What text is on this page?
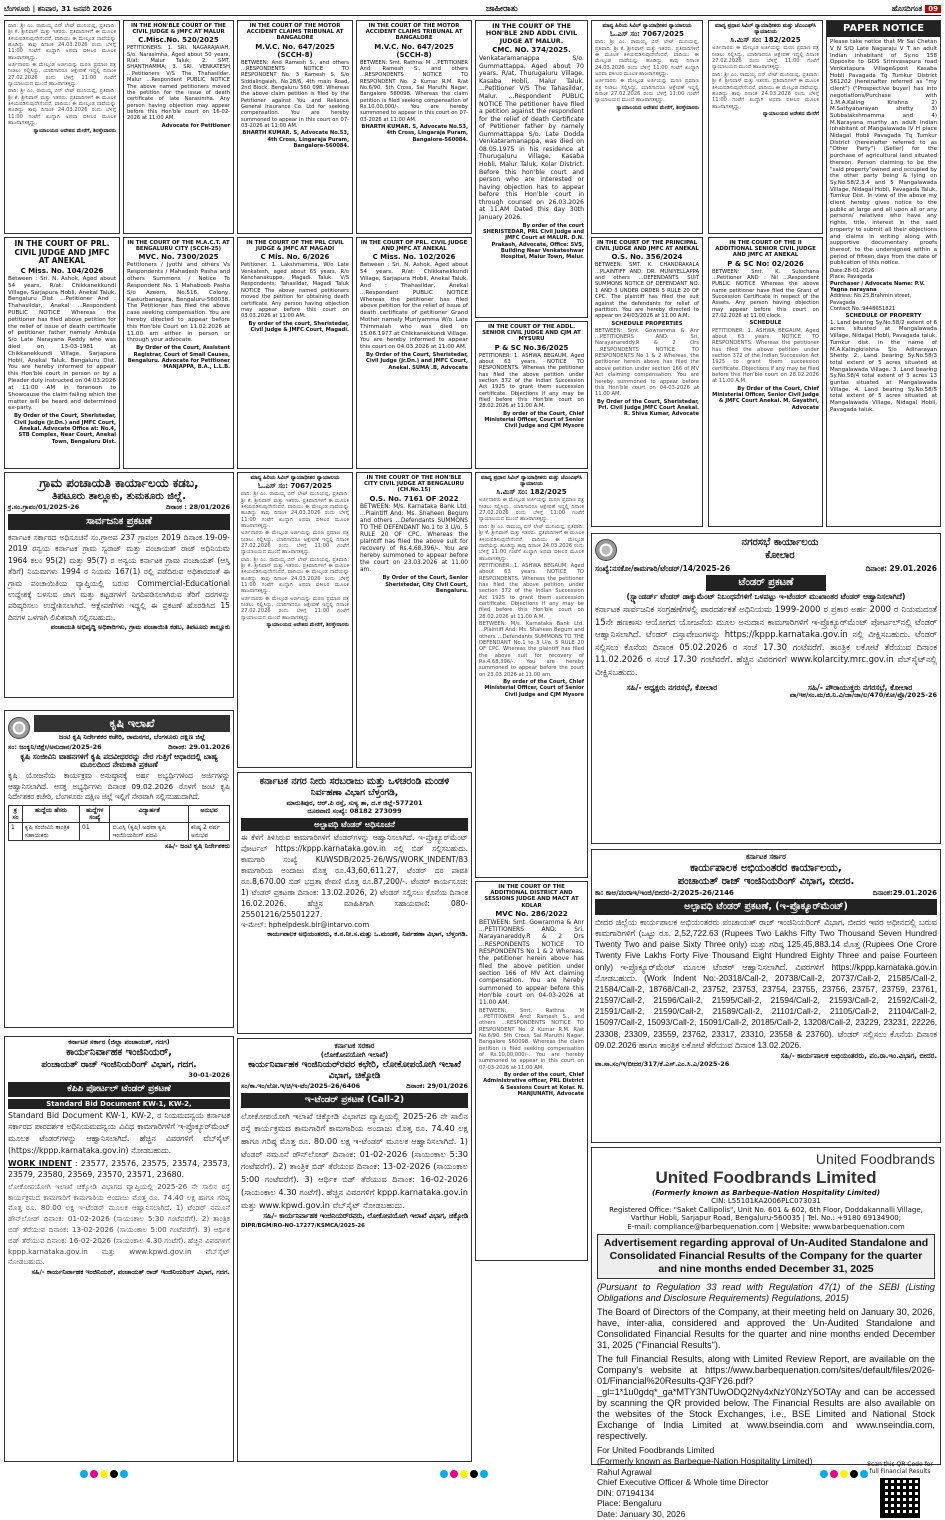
ಬೆಂಗಳೂರು | ಶನಿವಾರ, 31 ಜನವರಿ 2026	ಜಾಹೀರಾತು	ಹೊಸದಿಗಂತ 09
ವಾದಿ: ಶ್ರೀ ಎಂ. ರಾಮಯ್ಯ ಬಿನ್ ಲೇಟ್ ಮುನಿಯಪ್ಪ, ಪ್ರತಿವಾದಿ: ಶ್ರೀ ಕೆ. ಶ್ರೀನಿವಾಸ್ ಮತ್ತು ಇತರರು. ಪ್ರತಿವಾದಿಗಳಿಗೆ ಈ ಮೂಲಕ ತಿಳಿಯಪಡಿಸುವುದೇನೆಂದರೆ, ವಾದಿಯು ಈ ಮೇಲ್ಕಂಡ ದಾವೆಯನ್ನು ಹೂಡಿದ್ದು ತಾವು ದಿನಾಂಕ 24.03.2026 ರಂದು ಬೆಳಿಗ್ಗೆ 11:00 ಗಂಟೆಗೆ ಖುದ್ದಾಗಿ ಅಥವಾ ವಕೀಲರ ಮೂಲಕ ಹಾಜರಾಗತಕ್ಕದ್ದು.
ಅರ್ಜಿದಾರರು ಈ ಮೇಲ್ಕಂಡ ಅರ್ಜಿಯನ್ನು ಮರಣ ಪ್ರಮಾಣ ಪತ್ರ ನೀಡಲು ಸಲ್ಲಿಸಿದ್ದು, ಯಾರಿಗಾದರೂ ಆಕ್ಷೇಪಣೆ ಇದ್ದಲ್ಲಿ ದಿನಾಂಕ 27.02.2026 ರಂದು ಬೆಳಿಗ್ಗೆ 11:00 ಗಂಟೆಗೆ ನ್ಯಾಯಾಲಯದ ಮುಂದೆ ಹಾಜರಾಗತಕ್ಕದ್ದು.
ವಾದಿ: ಶ್ರೀ ಎಂ. ರಾಮಯ್ಯ ಬಿನ್ ಲೇಟ್ ಮುನಿಯಪ್ಪ, ಪ್ರತಿವಾದಿ: ಶ್ರೀ ಕೆ. ಶ್ರೀನಿವಾಸ್ ಮತ್ತು ಇತರರು. ಪ್ರತಿವಾದಿಗಳಿಗೆ ಈ ಮೂಲಕ ತಿಳಿಯಪಡಿಸುವುದೇನೆಂದರೆ, ವಾದಿಯು ಈ ಮೇಲ್ಕಂಡ ದಾವೆಯನ್ನು ಹೂಡಿದ್ದು ತಾವು ದಿನಾಂಕ 24.03.2026 ರಂದು ಬೆಳಿಗ್ಗೆ 11:00 ಗಂಟೆಗೆ ಖುದ್ದಾಗಿ ಅಥವಾ ವಕೀಲರ ಮೂಲಕ ಹಾಜರಾಗತಕ್ಕದ್ದು.
ನ್ಯಾಯಾಲಯದ ಆದೇಶದ ಮೇರೆಗೆ, ಶಿರಸ್ತೇದಾರರು
IN THE COURT OF PRL. CIVIL JUDGE AND JMFC AT ANEKAL
C Miss. No. 104/2026
Between : Sri. N. Ashok, Aged about 54 years, R/at: Chikkanekkundi Village, Sarjapura Hobli, Anekal Taluk, Bengaluru Dist. ...Petitioner And : Thahasildar, Anekal ...Respondent PUBLIC NOTICE Whereas the petitioner has filed above petition for the relief of issue of death certificate of petitioner father namely Ambuja S/o Late Narayana Reddy who was died on 13-03-1981 at Chikkanekkundi Village, Sarjapura Hobli, Anekal Taluk, Bengaluru Dist. You are hereby informed to appear this Hon'ble court in person or by a Pleader duly instructed on 04.03.2026 at 11:00 AM in forenoon to Showcause the claim failing which the matter will be heard and determined ex-party.
By Order of the Court, Sheristedar, Civil Judge (Jr.Dn.) and JMFC Court, Anekal. Advocate Office at: No.4, STB Complex, Near Court, Anekal Town, Bengaluru Dist.
IN THE HON'BLE COURT OF THE CIVIL JUDGE & JMFC AT MALUR
C.Misc.No. 520/2025
PETITIONERS: 1. SRI. NAGARAJAIAH, S/o. Narasimha, Aged about 50 years, R/at: Malur Taluk; 2. SMT. SHANTHAMMA; 3. SRI. VENKATESH ...Petitioners V/S The Thahasildar, Malur ...Respondent PUBLIC NOTICE The above named petitioners moved the petition for the issue of death certificate of late Narasimha. Any person having objection may appear before this Hon'ble court on 16-02-2026 at 11:00 AM.
Advocate for Petitioner
IN THE COURT OF THE M.A.C.T. AT BENGALURU CITY (SCCH-25)
MVC. No. 7300/2025
Petitioners / Jyothi and others Vs Respondents / Mahadesh Pasha and others Summons / Notice To Respondent No. 1 Mahaboob Pasha S/o Azeem, No.516, Colony, Kasturbanagara, Bengaluru-560038. The Petitioner has filed the above case seeking compensation. You are hereby directed to appear before this Hon'ble Court on 11.02.2026 at 11.00 am either in person or through your advocate.
By Order of the Court, Assistant Registrar, Court of Small Causes, Bengaluru. Advocate for Petitioner MANJAPPA, B.A., L.L.B.
IN THE COURT OF THE MOTOR ACCIDENT CLAIMS TRIBUNAL AT BANGALORE
M.V.C. No. 647/2025 (SCCH-8)
BETWEEN: And Ramesh S., and others ...RESPONDENTS NOTICE TO RESPONDENT No. 3 Ramesh S, S/o Siddalingaiah, No.28/6, 4th main Road, 2nd Block, Bengaluru 560 098. Whereas the above claim petition is filed by the Petitioner against You and Reliance General Insurance Co. Ltd for seeking compensation. You are hereby summoned to appear in this court on 07-03-2026 at 11:00 AM.
BHARTH KUMAR. S, Advocate No.53, 4th Cross, Lingaraja Puram, Bangalore-560084.
IN THE COURT OF THE PRL CIVIL JUDGE & JMFC AT MAGADI
C Mis. No. 6/2026
Petitioner: 1. Lakshmamma, W/o Late Venkatesh, aged about 65 years, R/o Kenchanakuppe, Magadi Taluk. V/S Respondents: Tahasildar, Magadi Taluk NOTICE The above named petitioners moved the petition for obtaining death certificate. Any person having objection may appear before this court on 03.03.2026 at 11:00 AM.
By order of the court, Sheristedar, Civil Judge & JMFC Court, Magadi.
IN THE COURT OF THE MOTOR ACCIDENT CLAIMS TRIBUNAL AT BANGALORE
M.V.C. No. 647/2025 (SCCH-8)
BETWEEN: Smt. Rathna. M ...PETITIONER And: Ramesh S., and others ...RESPONDENTS NOTICE TO RESPONDENT No. 2 Kumar R.M. R/at No.6/90, 5th Cross, Sai Maruthi Nagar, Bangalore 560098. Whereas the claim petition is filed seeking compensation of Rs.10,00,000/-. You are hereby summoned to appear in this court on 07-03-2026 at 11:00 AM.
BHARTH KUMAR. S, Advocate No.53, 4th Cross, Lingaraja Puram, Bangalore-560084.
IN THE COURT OF PRL. CIVIL JUDGE AND JMFC AT ANEKAL
C Miss. No. 102/2026
Between : Sri. N. Ashok, Aged about 54 years, R/at: Chikkanekkundi Village, Sarjapura Hobli, Anekal Taluk. And : Thahasildar, Anekal ...Respondent PUBLIC NOTICE Whereas the petitioner has filed above petition for the relief of issue of death certificate of petitioner Grand Mother namely Muniyamma W/o. Late Thimmaiah who was died on 15.06.1977 at Chikkanekkundi Village. You are hereby informed to appear this court on 04.03.2026 at 11:00 AM.
By Order of the Court, Sheristedar, Civil Judge (Jr.Dn.) and JMFC Court, Anekal. SUMA .B, Advocate
IN THE COURT OF THE HON'BLE 2ND ADDL CIVIL JUDGE AT MALUR.
CMC. NO. 374/2025.
Venkataramanappa S/o. Gummattappa, Aged about 70 years, R/at, Thurugaluru Village, Kasaba Hobli, Malur Taluk. ...Petitioner V/S The Tahasildar, Malur. ...Respondent PUBLIC NOTICE The petitioner have filed a petition against the respondent for the relief of death Certificate of Petitioner father by namely Gummattappa S/o. Late Dodda Venkataramanappa, was died on 08.05.1975 in his residence at Thurugaluru Village, Kasaba Hobli, Malur Taluk, Kolar District. Before this hon'ble court and person who are interested or having objection has to appear before this Hon'ble court in through counsel on 26.03.2026 at 11.AM Dated this day 30th January 2026.
By order of the court SHERISTEDAR, PRL Civil Judge and JMFC Court at MALUR. D.N. Prakash, Advocate, Office: SVS, Building Near Venkateshwar Hospital, Malur Town, Malur.
IN THE COURT OF THE ADDL. SENIOR CIVIL JUDGE AND CJM AT MYSURU
P & SC No.36/2025
PETITIONER: 1. ASHWA BEGAUM, Aged about 63 years. NOTICE TO RESPONDENTS. Whereas the petitioner has filed the above petition under section 372 of the Indian Succession Act 1925 to grant them succession certificate. Objections if any may be filed before this Hon'ble court on 28.02.2026 at 11.00 A.M.
By order of the Court, Chief Ministerial Officer, Court of Senior Civil Judge and CJM Mysore
IN THE COURT OF THE HON'BLE CITY CIVIL JUDGE AT BENGALURU (CH.No.15)
O.S. No. 7161 OF 2022
BETWEEN: M/s. Karnataka Bank Ltd. ...Plaintiff And: Ms. Shaheen Begum and others ...Defendants SUMMONS TO THE DEFENDANT No.1 to 3 U/o. 5 RULE 20 OF CPC. Whereas the plaintiff has filed the above suit for recovery of Rs.4,68,396/-. You are hereby summoned to appear before the court on 23.03.2026 at 11.00 am.
By Order of the Court, Senior Sheristedar, City Civil Court, Bengaluru.
ಮಾನ್ಯ ಪ್ರಧಾನ ಸಿವಿಲ್ ನ್ಯಾಯಾಧೀಶರು ಮತ್ತು ಜೆಎಂಎಫ್‌ಸಿ ನ್ಯಾಯಾಲಯ
ಸಿ.ಮಿಸ್ ಸಂ: 182/2025
ಅರ್ಜಿದಾರರು ಈ ಮೇಲ್ಕಂಡ ಅರ್ಜಿಯನ್ನು ಮರಣ ಪ್ರಮಾಣ ಪತ್ರ ನೀಡಲು ಸಲ್ಲಿಸಿದ್ದು, ಯಾರಿಗಾದರೂ ಆಕ್ಷೇಪಣೆ ಇದ್ದಲ್ಲಿ ದಿನಾಂಕ 27.02.2026 ರಂದು ಬೆಳಿಗ್ಗೆ 11:00 ಗಂಟೆಗೆ ನ್ಯಾಯಾಲಯದ ಮುಂದೆ ಹಾಜರಾಗತಕ್ಕದ್ದು.
ವಾದಿ: ಶ್ರೀ ಎಂ. ರಾಮಯ್ಯ ಬಿನ್ ಲೇಟ್ ಮುನಿಯಪ್ಪ, ಪ್ರತಿವಾದಿ: ಶ್ರೀ ಕೆ. ಶ್ರೀನಿವಾಸ್ ಮತ್ತು ಇತರರು. ಪ್ರತಿವಾದಿಗಳಿಗೆ ಈ ಮೂಲಕ ತಿಳಿಯಪಡಿಸುವುದೇನೆಂದರೆ, ವಾದಿಯು ಈ ಮೇಲ್ಕಂಡ ದಾವೆಯನ್ನು ಹೂಡಿದ್ದು ತಾವು ದಿನಾಂಕ 24.03.2026 ರಂದು ಬೆಳಿಗ್ಗೆ 11:00 ಗಂಟೆಗೆ ಖುದ್ದಾಗಿ ಅಥವಾ ವಕೀಲರ ಮೂಲಕ ಹಾಜರಾಗತಕ್ಕದ್ದು.
PETITIONER: 1. ASHWA BEGAUM, Aged about 63 years. NOTICE TO RESPONDENTS. Whereas the petitioner has filed the above petition under section 372 of the Indian Succession Act 1925 to grant them succession certificate. Objections if any may be filed before this Hon'ble court on 28.02.2026 at 11.00 A.M.
BETWEEN: M/s. Karnataka Bank Ltd. ...Plaintiff And: Ms. Shaheen Begum and others ...Defendants SUMMONS TO THE DEFENDANT No.1 to 3 U/o. 5 RULE 20 OF CPC. Whereas the plaintiff has filed the above suit for recovery of Rs.4,68,396/-. You are hereby summoned to appear before the court on 23.03.2026 at 11.00 am.
By order of the Court, Chief Ministerial Officer, Court of Senior Civil Judge and CJM Mysore
IN THE COURT OF THE ADDITIONAL DISTRICT AND SESSIONS JUDGE AND MACT AT KOLAR
MVC No. 286/2022
BETWEEN: Smt. Gowramma & Anr ...PETITIONERS AND: Sri. Narayanareddy.R & 2 Ors ...RESPONDENTS NOTICE TO RESPONDENTS No 1 & 2 Whereas, the petitioner herein above has filed the above petition under section 166 of MV Act claiming compensation. You are hereby summoned to appear before this Hon'ble court on 04-03-2026 at 11.00 AM.
BETWEEN: Smt. Rathna. M ...PETITIONER And: Ramesh S., and others ...RESPONDENTS NOTICE TO RESPONDENT No. 2 Kumar R.M. R/at No.6/90, 5th Cross, Sai Maruthi Nagar, Bangalore 560098. Whereas the claim petition is filed seeking compensation of Rs.10,00,000/-. You are hereby summoned to appear in this court on 07-03-2026 at 11:00 AM.
By order of the court, Chief Administrative officer, PRL District & Sessions Court at Kolar. N. MANJUNATH, Advocate
ಮಾನ್ಯ ಹಿರಿಯ ಸಿವಿಲ್ ನ್ಯಾಯಾಧೀಶರ ನ್ಯಾಯಾಲಯ
ಓ.ಎಸ್ ಸಂ: 7067/2025
ವಾದಿ: ಶ್ರೀ ಎಂ. ರಾಮಯ್ಯ ಬಿನ್ ಲೇಟ್ ಮುನಿಯಪ್ಪ, ಪ್ರತಿವಾದಿ: ಶ್ರೀ ಕೆ. ಶ್ರೀನಿವಾಸ್ ಮತ್ತು ಇತರರು. ಪ್ರತಿವಾದಿಗಳಿಗೆ ಈ ಮೂಲಕ ತಿಳಿಯಪಡಿಸುವುದೇನೆಂದರೆ, ವಾದಿಯು ಈ ಮೇಲ್ಕಂಡ ದಾವೆಯನ್ನು ಹೂಡಿದ್ದು ತಾವು ದಿನಾಂಕ 24.03.2026 ರಂದು ಬೆಳಿಗ್ಗೆ 11:00 ಗಂಟೆಗೆ ಖುದ್ದಾಗಿ ಅಥವಾ ವಕೀಲರ ಮೂಲಕ ಹಾಜರಾಗತಕ್ಕದ್ದು.
ಅರ್ಜಿದಾರರು ಈ ಮೇಲ್ಕಂಡ ಅರ್ಜಿಯನ್ನು ಮರಣ ಪ್ರಮಾಣ ಪತ್ರ ನೀಡಲು ಸಲ್ಲಿಸಿದ್ದು, ಯಾರಿಗಾದರೂ ಆಕ್ಷೇಪಣೆ ಇದ್ದಲ್ಲಿ ದಿನಾಂಕ 27.02.2026 ರಂದು ಬೆಳಿಗ್ಗೆ 11:00 ಗಂಟೆಗೆ ನ್ಯಾಯಾಲಯದ ಮುಂದೆ ಹಾಜರಾಗತಕ್ಕದ್ದು.
ನ್ಯಾಯಾಲಯದ ಆದೇಶದ ಮೇರೆಗೆ, ಶಿರಸ್ತೇದಾರರು
IN THE COURT OF THE PRINCIPAL CIVIL JUDGE AND JMFC AT ANEKAL
O.S. No. 356/2024
BETWEEN: SMT. K. CHANDRAKALA ...PLAINTIFF AND: DR. MUNIYELLAPPA and others ...DEFENDANTS SUIT SUMMONS NOTICE OF DEFENDANT NO. 1 AND 3 UNDER ORDER 5 RULE 20 OF CPC. The plaintiff has filed the suit against the defendants for relief of partition. You are hereby directed to appear on 24/03/2026 at 11.00 A.M.
SCHEDULE PROPERTIES
BETWEEN: Smt. Gowramma & Anr ...PETITIONERS AND: Sri. Narayanareddy.R & 2 Ors ...RESPONDENTS NOTICE TO RESPONDENTS No 1 & 2 Whereas, the petitioner herein above has filed the above petition under section 166 of MV Act claiming compensation. You are hereby summoned to appear before this Hon'ble court on 04-03-2026 at 11.00 AM.
By Order of the Court, Sheristedar, Prl. Civil Judge JMFC Court Anekal. R. Shiva Kumar, Advocate
ಮಾನ್ಯ ಪ್ರಧಾನ ಸಿವಿಲ್ ನ್ಯಾಯಾಧೀಶರು ಮತ್ತು ಜೆಎಂಎಫ್‌ಸಿ ನ್ಯಾಯಾಲಯ
ಸಿ.ಮಿಸ್ ಸಂ: 182/2025
ಅರ್ಜಿದಾರರು ಈ ಮೇಲ್ಕಂಡ ಅರ್ಜಿಯನ್ನು ಮರಣ ಪ್ರಮಾಣ ಪತ್ರ ನೀಡಲು ಸಲ್ಲಿಸಿದ್ದು, ಯಾರಿಗಾದರೂ ಆಕ್ಷೇಪಣೆ ಇದ್ದಲ್ಲಿ ದಿನಾಂಕ 27.02.2026 ರಂದು ಬೆಳಿಗ್ಗೆ 11:00 ಗಂಟೆಗೆ ನ್ಯಾಯಾಲಯದ ಮುಂದೆ ಹಾಜರಾಗತಕ್ಕದ್ದು.
ವಾದಿ: ಶ್ರೀ ಎಂ. ರಾಮಯ್ಯ ಬಿನ್ ಲೇಟ್ ಮುನಿಯಪ್ಪ, ಪ್ರತಿವಾದಿ: ಶ್ರೀ ಕೆ. ಶ್ರೀನಿವಾಸ್ ಮತ್ತು ಇತರರು. ಪ್ರತಿವಾದಿಗಳಿಗೆ ಈ ಮೂಲಕ ತಿಳಿಯಪಡಿಸುವುದೇನೆಂದರೆ, ವಾದಿಯು ಈ ಮೇಲ್ಕಂಡ ದಾವೆಯನ್ನು ಹೂಡಿದ್ದು ತಾವು ದಿನಾಂಕ 24.03.2026 ರಂದು ಬೆಳಿಗ್ಗೆ 11:00 ಗಂಟೆಗೆ ಖುದ್ದಾಗಿ ಅಥವಾ ವಕೀಲರ ಮೂಲಕ ಹಾಜರಾಗತಕ್ಕದ್ದು.
ನ್ಯಾಯಾಲಯದ ಆದೇಶದ ಮೇರೆಗೆ
IN THE COURT OF THE II ADDITIONAL SENIOR CIVIL JUDGE AND JMFC AT ANEKAL
P & SC No: 02/2026
BETWEEN: Smt. K. Sulochana ...Petitioner AND : Nil ...Respondent PUBLIC NOTICE Whereas the above name petitioner have filed the Grant of Succession Certificate in respect of the Assets. Any person having objection may appear before this court on 27.02.2026 at 11.00 clock.
SCHEDULE
PETITIONER: 1. ASHWA BEGAUM, Aged about 63 years. NOTICE TO RESPONDENTS. Whereas the petitioner has filed the above petition under section 372 of the Indian Succession Act 1925 to grant them succession certificate. Objections if any may be filed before this Hon'ble court on 28.02.2026 at 11.00 A.M.
By Order of the Court, Chief Ministerial Officer, Senior Civil Judge & JMFC Court Anekal. M. Gayathri, Advocate
PAPER NOTICE
Please take notice that Mr Sai Chetan V N S/O Late Nagaraju V T an adult Indian inhabitant of Sy.no 158 Opposite to GDS Srinivasapura road Venkatapura Village&post Kasaba Hobli Pavagada Tq Tumkur District 561202 (hereinafter referred as "my client") ("Prospective buyer) has into negotiations/Purchase with 1.M.A.Kaling Krishna 2) M.Sathyanarayan shetty 3) Subbalakshmamma and 4) M.Narayana murthy an adult Indian inhabitant of Mangalawada IV H place Nidagal Hobli Pavagada Tq Tumkur District (hereinafter referred to as "Other Party") (Seller) for the purchase of agricultural land situated thereon. Person claiming to be the "said property"owned and occupied by the other party being & lying on Sy.No.58/2,3,4 and 5 Mangalawada Village, Nidagal Hobli, Pavagada Taluk, Tumkur Dist. In view of the above my client hereby gives notice to the public at large and all upon all or any persons/ relatives who have any rights, title, interest in the said property to submit all their objections and claims in writing along with supportive documentary proofs thereof, to the undersigned within a period of fifteen days from the date of publication of this notice.
Date:28-01-2026
Place: Pavagada
Purchaser / Advocate Name: P.V. Yagna narayana
Address: No.25,Brahmin street, Pavagada
Contact No.:9448651821
SCHEDULE OF PROPERTY
1. Land bearing Sy.No.58/2 extent of 6 acres situated at Mangalawada Village, Nidagal Hobli, Pavagada taluk, Tumkur dist. in the name of M.A.Kalingkrishna S/o Adinarayan Shetty. 2. Land bearing Sy.No.58/3 total extent of 5 acres situated at Mangalawada Village. 3. Land bearing Sy.No.58/4 total extent of 3 acres 13 guntas situated at Mangalawada Village. 4. Land bearing Sy.No.58/5 total extent of 5 acres situated at Mangalawada Village, Nidagal Hobli, Pavagada taluk.
ಗ್ರಾಮ ಪಂಚಾಯತಿ ಕಾರ್ಯಾಲಯ ಕಡಬ,
ತಿಪಟೂರು ತಾಲ್ಲೂಕು, ತುಮಕೂರು ಜಿಲ್ಲೆ.
ಕ್ರ.ಸಂ.ಗ್ರಾಪಂ/01/2025-26	ದಿನಾಂಕ : 28/01/2026
ಸಾರ್ವಜನಿಕ ಪ್ರಕಟಣೆ
ಕರ್ನಾಟಕ ಸರ್ಕಾರದ ಅಧಿಸೂಚನೆ ಸಂ.ಗ್ರಾಅಪ 237 ಗ್ರಾಪಂಅ 2019 ದಿನಾಂಕ 19-09-2019 ರನ್ವಯ ಕರ್ನಾಟಕ ಗ್ರಾಮ ಸ್ವರಾಜ್ ಮತ್ತು ಪಂಚಾಯತ್ ರಾಜ್ ಅಧಿನಿಯಮ 1964 ಕಲಂ 95(2) ಮತ್ತು 95(7) ರ ಅನ್ವಯ ಕರ್ನಾಟಕ ಗ್ರಾಮ ಪಂಚಾಯತ್ (ಆಸ್ತಿ ತೆರಿಗೆ) ನಿಯಮಗಳು 1994 ರ ನಿಯಮ 167(1) ರಲ್ಲಿ ಪಡೆದಿರುವ ಅಧಿಕಾರದಂತೆ ಈ ಗ್ರಾಮ ಪಂಚಾಯಿತಿಯ ವ್ಯಾಪ್ತಿಯಲ್ಲಿ ಬರುವ Commercial-Educational ಉದ್ದೇಶಕ್ಕೆ ಬಳಸುವ ಜಾಗ ಮತ್ತು ಕಟ್ಟಡಗಳಿಗೆ ನಿಗದಿಪಡಿಸಲಾಗಿರುವ ತೆರಿಗೆ ದರಗಳನ್ನು ಪರಿಷ್ಕರಿಸಲು ಉದ್ದೇಶಿಸಲಾಗಿದೆ. ಆಕ್ಷೇಪಣೆಗಳು ಇದ್ದಲ್ಲಿ ಈ ಪ್ರಕಟಣೆ ಹೊರಡಿಸಿದ 15 ದಿನಗಳ ಒಳಗಾಗಿ ಲಿಖಿತವಾಗಿ ಸಲ್ಲಿಸಬಹುದು.
ಪಂಚಾಯತಿ ಅಭಿವೃದ್ಧಿ ಅಧಿಕಾರಿಗಳು, ಗ್ರಾಮ ಪಂಚಾಯಿತಿ ಕಡಬ, ತಿಪಟೂರು ತಾಲ್ಲೂಕು
ಕೃಷಿ ಇಲಾಖೆ
ಜಂಟಿ ಕೃಷಿ ನಿರ್ದೇಶಕರ ಕಚೇರಿ, ರಾಮನಗರ, ಬೆಂಗಳೂರು ದಕ್ಷಿಣ ಜಿಲ್ಲೆ
ಸಂ: ಜಂಕೃನಿ/ಜಿಕ್ಷೇ/ಅನುದಾನ/2025-26	ದಿನಾಂಕ: 29.01.2026
ಕೃಷಿ ಸಂಜೀವಿನಿ ವಾಹನಗಳಿಗೆ ಕೃಷಿ ಪದವೀಧರರನ್ನು ನೇರ ಗುತ್ತಿಗೆ ಆಧಾರದಲ್ಲಿ ಬಾಹ್ಯ ಮೂಲದಿಂದ ನೇಮಕಾತಿ ಪ್ರಕಟಣೆ
ಕೃಷಿ ಯೋಜನೆಯ ಕಾರ್ಯಕ್ರಮ ಅನುಷ್ಠಾನಕ್ಕೆ ಅರ್ಹ ಅಭ್ಯರ್ಥಿಗಳಿಂದ ಅರ್ಜಿಗಳನ್ನು ಆಹ್ವಾನಿಸಲಾಗಿದೆ. ಆಸಕ್ತ ಅಭ್ಯರ್ಥಿಗಳು ದಿನಾಂಕ 09.02.2026 ರೊಳಗೆ ಜಂಟಿ ಕೃಷಿ ನಿರ್ದೇಶಕರ ಕಚೇರಿ, ಬೆಂಗಳೂರು ದಕ್ಷಿಣ ಜಿಲ್ಲೆ ಇಲ್ಲಿಗೆ ನೇರವಾಗಿ ಸಲ್ಲಿಸಬಹುದಾಗಿದೆ.
ಕ್ರ ಸಂ	ಹುದ್ದೆಯ ಹೆಸರು	ಹುದ್ದೆಗಳ ಸಂಖ್ಯೆ	ವಿದ್ಯಾರ್ಹತೆ	ಅನುಭವ
1	ಕೃಷಿ ಸಂಜೀವಿನಿ ತಾಂತ್ರಿಕ ಸಹಾಯಕರು	01	ಬಿ.ಎಸ್ಸಿ (ಕೃಷಿ) ಅಥವಾ ಕೃಷಿ ಇಂಜಿನಿಯರಿಂಗ್ ಪದವಿ	ಕನಿಷ್ಠ 2 ವರ್ಷ ಅನುಭವ
ಸಹಿ/- ಜಂಟಿ ಕೃಷಿ ನಿರ್ದೇಶಕರು
ಕರ್ನಾಟಕ ಸರ್ಕಾರ (ಜಿಲ್ಲಾ ಪಂಚಾಯತ್, ಗದಗ)
ಕಾರ್ಯನಿರ್ವಾಹಕ ಇಂಜಿನಿಯರ್,
ಪಂಚಾಯತ್ ರಾಜ್ ಇಂಜಿನಿಯರಿಂಗ್ ವಿಭಾಗ, ಗದಗ.
30-01-2026
ಕೆಪಿಪಿ ಪೋರ್ಟಲ್ ಟೆಂಡರ್ ಪ್ರಕಟಣೆ
Standard Bid Document KW-1, KW-2,
Standard Bid Document KW-1, KW-2, ರ ನಿಯಮದನ್ವಯ ಕರ್ನಾಟಕ ಸರ್ಕಾರದ ಪಾರದರ್ಶಕ ಅಧಿನಿಯಮದನ್ವಯ ವಿವಿಧ ಕಾಮಗಾರಿಗಳಿಗೆ ಇ-ಪ್ರೊಕ್ಯೂರ್‌ಮೆಂಟ್ ಮೂಲಕ ಟೆಂಡರ್‌ಗಳನ್ನು ಆಹ್ವಾನಿಸಲಾಗಿದೆ. ಹೆಚ್ಚಿನ ವಿವರಗಳಿಗೆ ವೆಬ್‌ಸೈಟ್ (https://kppp.karnataka.gov.in) ನೋಡಬಹುದು.
WORK INDENT : 23577, 23576, 23575, 23574, 23573, 23579, 23580, 23569, 23570, 23571, 23680.
ಲೋಕೋಪಯೋಗಿ ಇಲಾಖೆ ಚಿಕ್ಕೋಡಿ ವಿಭಾಗದ ವ್ಯಾಪ್ತಿಯಲ್ಲಿ 2025-26 ನೇ ಸಾಲಿನ ರಸ್ತೆ ಕಾರ್ಯಕ್ರಮದ ಕಾಮಗಾರಿಗೆ ಕಾಮಗಾರಿಯ ಅಂದಾಜು ಮೊತ್ತ ರೂ. 74.40 ಲಕ್ಷ ಹಾಗೂ ಗರಿಷ್ಠ ಮೊತ್ತ ರೂ. 80.00 ಲಕ್ಷ ಇ-ಟೆಂಡರ್ ಮೂಲಕ ಆಹ್ವಾನಿಸಲಾಗಿದೆ. 1) ಟೆಂಡರ್ ನಮೂನೆ ಡೌನ್‌ಲೋಡ್ ದಿನಾಂಕ: 01-02-2026 (ಸಾಯಂಕಾಲ 5:30 ಗಂಟೆವರೆಗೆ). 2) ತಾಂತ್ರಿಕ ಬಿಡ್ ತೆರೆಯುವ ದಿನಾಂಕ: 13-02-2026 (ಸಾಯಂಕಾಲ 5:00 ಗಂಟೆವರೆಗೆ). 3) ಆರ್ಥಿಕ ಬಿಡ್ ತೆರೆಯುವ ದಿನಾಂಕ: 16-02-2026 (ಸಾಯಂಕಾಲ 4.30 ಗಂಟೆಗೆ). ಹೆಚ್ಚಿನ ವಿವರಗಳಿಗೆ kppp.karnataka.gov.in ಮತ್ತು www.kpwd.gov.in ವೆಬ್‌ಸೈಟ್ ನೋಡಬಹುದು.
ಸಹಿ/- ಕಾರ್ಯನಿರ್ವಾಹಕ ಇಂಜಿನಿಯರ್, ಪಂಚಾಯತ್ ರಾಜ್ ಇಂಜಿನಿಯರಿಂಗ್ ವಿಭಾಗ, ಗದಗ.
ಮಾನ್ಯ ಹಿರಿಯ ಸಿವಿಲ್ ನ್ಯಾಯಾಧೀಶರ ನ್ಯಾಯಾಲಯ
ಓ.ಎಸ್ ಸಂ: 7067/2025
ವಾದಿ: ಶ್ರೀ ಎಂ. ರಾಮಯ್ಯ ಬಿನ್ ಲೇಟ್ ಮುನಿಯಪ್ಪ, ಪ್ರತಿವಾದಿ: ಶ್ರೀ ಕೆ. ಶ್ರೀನಿವಾಸ್ ಮತ್ತು ಇತರರು. ಪ್ರತಿವಾದಿಗಳಿಗೆ ಈ ಮೂಲಕ ತಿಳಿಯಪಡಿಸುವುದೇನೆಂದರೆ, ವಾದಿಯು ಈ ಮೇಲ್ಕಂಡ ದಾವೆಯನ್ನು ಹೂಡಿದ್ದು ತಾವು ದಿನಾಂಕ 24.03.2026 ರಂದು ಬೆಳಿಗ್ಗೆ 11:00 ಗಂಟೆಗೆ ಖುದ್ದಾಗಿ ಅಥವಾ ವಕೀಲರ ಮೂಲಕ ಹಾಜರಾಗತಕ್ಕದ್ದು.
ಅರ್ಜಿದಾರರು ಈ ಮೇಲ್ಕಂಡ ಅರ್ಜಿಯನ್ನು ಮರಣ ಪ್ರಮಾಣ ಪತ್ರ ನೀಡಲು ಸಲ್ಲಿಸಿದ್ದು, ಯಾರಿಗಾದರೂ ಆಕ್ಷೇಪಣೆ ಇದ್ದಲ್ಲಿ ದಿನಾಂಕ 27.02.2026 ರಂದು ಬೆಳಿಗ್ಗೆ 11:00 ಗಂಟೆಗೆ ನ್ಯಾಯಾಲಯದ ಮುಂದೆ ಹಾಜರಾಗತಕ್ಕದ್ದು.
ವಾದಿ: ಶ್ರೀ ಎಂ. ರಾಮಯ್ಯ ಬಿನ್ ಲೇಟ್ ಮುನಿಯಪ್ಪ, ಪ್ರತಿವಾದಿ: ಶ್ರೀ ಕೆ. ಶ್ರೀನಿವಾಸ್ ಮತ್ತು ಇತರರು. ಪ್ರತಿವಾದಿಗಳಿಗೆ ಈ ಮೂಲಕ ತಿಳಿಯಪಡಿಸುವುದೇನೆಂದರೆ, ವಾದಿಯು ಈ ಮೇಲ್ಕಂಡ ದಾವೆಯನ್ನು ಹೂಡಿದ್ದು ತಾವು ದಿನಾಂಕ 24.03.2026 ರಂದು ಬೆಳಿಗ್ಗೆ 11:00 ಗಂಟೆಗೆ ಖುದ್ದಾಗಿ ಅಥವಾ ವಕೀಲರ ಮೂಲಕ ಹಾಜರಾಗತಕ್ಕದ್ದು.
ಅರ್ಜಿದಾರರು ಈ ಮೇಲ್ಕಂಡ ಅರ್ಜಿಯನ್ನು ಮರಣ ಪ್ರಮಾಣ ಪತ್ರ ನೀಡಲು ಸಲ್ಲಿಸಿದ್ದು, ಯಾರಿಗಾದರೂ ಆಕ್ಷೇಪಣೆ ಇದ್ದಲ್ಲಿ ದಿನಾಂಕ 27.02.2026 ರಂದು ಬೆಳಿಗ್ಗೆ 11:00 ಗಂಟೆಗೆ ನ್ಯಾಯಾಲಯದ ಮುಂದೆ ಹಾಜರಾಗತಕ್ಕದ್ದು.
ನ್ಯಾಯಾಲಯದ ಆದೇಶದ ಮೇರೆಗೆ, ಶಿರಸ್ತೇದಾರರು
ಕರ್ನಾಟಕ ನಗರ ನೀರು ಸರಬರಾಜು ಮತ್ತು ಒಳಚರಂಡಿ ಮಂಡಳಿ
ನಿರ್ವಹಣಾ ವಿಭಾಗ ಬೆಳ್ತಂಗಡಿ,
ಮಾರುತಿಪುರ, ಆರ್.ಪಿ ರಸ್ತೆ, ಸುಳ್ಯ ತಾ, ದ.ಕ ಜಿಲ್ಲೆ-577201
ದೂರವಾಣಿ ಸಂಖ್ಯೆ: 08182 273099
ಅಲ್ಪಾವಧಿ ಟೆಂಡರ್ ಅಧಿಸೂಚನೆ
ಈ ಕೆಳಗೆ ತಿಳಿಸಿರುವ ಕಾಮಗಾರಿಗಳಿಗೆ ಟೆಂಡರ್‌ಗಳನ್ನು ಆಹ್ವಾನಿಸಲಾಗಿದೆ. ಇ-ಪ್ರೊಕ್ಯೂರ್‌ಮೆಂಟ್ ಪೋರ್ಟಲ್ https://kppp.karnataka.gov.in ನಲ್ಲಿ ಬಿಡ್ ಸಲ್ಲಿಸಬಹುದು. ಕಾಮಗಾರಿ ಸಂಖ್ಯೆ KUWSDB/2025-26/WS/WORK_INDENT/83 ಕಾಮಗಾರಿಯ ಅಂದಾಜು ಮೊತ್ತ ರೂ.43,60,611.27, ಟೆಂಡರ್ ದರ ಪಾವತಿ ರೂ.8,670.00 ಬಿಡ್ ಭದ್ರತಾ ಠೇವಣಿ ಮೊತ್ತ ರೂ.87,200/-. ಟೆಂಡರ್ ಕಾರ್ಯಸೂಚಿ: 1) ಟೆಂಡರ್ ಪ್ರಕಟಣಾ ದಿನಾಂಕ: 13.02.2026, 2) ಟೆಂಡರ್ ಸಲ್ಲಿಸಲು ಕೊನೆಯ ದಿನಾಂಕ 16.02.2026. ಹೆಚ್ಚಿನ ಮಾಹಿತಿಗಾಗಿ ಸಹಾಯವಾಣಿ: 080-25501216/25501227.
ಇ-ಮೇಲ್: hphelpdesk.blr@intarvo.com
ಕಾರ್ಯಪಾಲಕ ಅಭಿಯಂತರರು, ಕ.ನ.ನೀ.ಸ.ಮತ್ತು ಒ.ಮಂಡಳಿ, ನಿರ್ವಹಣಾ ವಿಭಾಗ, ಬೆಳ್ತಂಗಡಿ.
ಕರ್ನಾಟಕ ಸರಕಾರ
(ಲೋಕೋಪಯೋಗಿ ಇಲಾಖೆ)
ಕಾರ್ಯನಿರ್ವಾಹಕ ಇಂಜಿನಿಯರ್‌ರವರ ಕಛೇರಿ, ಲೋಕೋಪಯೋಗಿ ಇಲಾಖೆ ವಿಭಾಗ, ಚಿಕ್ಕೋಡಿ
ಸಂ/ಕಾ.ಇಂ/ಲೋ.ಇ/ಚಿ/ಇ-ಟೆಂ/2025-26/6406	ದಿನಾಂಕ: 29/01/2026
ಇ-ಟೆಂಡರ್ ಪ್ರಕಟಣೆ (Call-2)
ಲೋಕೋಪಯೋಗಿ ಇಲಾಖೆ ಚಿಕ್ಕೋಡಿ ವಿಭಾಗದ ವ್ಯಾಪ್ತಿಯಲ್ಲಿ 2025-26 ನೇ ಸಾಲಿನ ರಸ್ತೆ ಕಾರ್ಯಕ್ರಮದ ಕಾಮಗಾರಿಗೆ ಕಾಮಗಾರಿಯ ಅಂದಾಜು ಮೊತ್ತ ರೂ. 74.40 ಲಕ್ಷ ಹಾಗೂ ಗರಿಷ್ಠ ಮೊತ್ತ ರೂ. 80.00 ಲಕ್ಷ ಇ-ಟೆಂಡರ್ ಮೂಲಕ ಆಹ್ವಾನಿಸಲಾಗಿದೆ. 1) ಟೆಂಡರ್ ನಮೂನೆ ಡೌನ್‌ಲೋಡ್ ದಿನಾಂಕ: 01-02-2026 (ಸಾಯಂಕಾಲ 5:30 ಗಂಟೆವರೆಗೆ). 2) ತಾಂತ್ರಿಕ ಬಿಡ್ ತೆರೆಯುವ ದಿನಾಂಕ: 13-02-2026 (ಸಾಯಂಕಾಲ 5:00 ಗಂಟೆವರೆಗೆ). 3) ಆರ್ಥಿಕ ಬಿಡ್ ತೆರೆಯುವ ದಿನಾಂಕ: 16-02-2026 (ಸಾಯಂಕಾಲ 4.30 ಗಂಟೆಗೆ). ಹೆಚ್ಚಿನ ವಿವರಗಳಿಗೆ kppp.karnataka.gov.in ಮತ್ತು www.kpwd.gov.in ವೆಬ್‌ಸೈಟ್ ನೋಡಬಹುದು.
ಸಹಿ/- ಕಾರ್ಯನಿರ್ವಾಹಕ ಇಂಜಿನಿಯರ್‌ರವರು, ಲೋಕೋಪಯೋಗಿ ಇಲಾಖೆ ವಿಭಾಗ, ಚಿಕ್ಕೋಡಿ
DIPR/BGM/RO-NO-17277/KSMCA/2025-26
ನಗರಸಭೆ ಕಾರ್ಯಾಲಯ
ಕೋಲಾರ
ಸಂಖ್ಯೆ:ನಸಕೋ/ಕಾಮಗಾರಿ/ಟೆಂಡರ್/14/2025-26	ದಿನಾಂಕ: 29.01.2026
ಟೆಂಡರ್ ಪ್ರಕಟಣೆ
(ಸ್ಟ್ಯಾಂಡರ್ಡ್ ಟೆಂಡರ್ ಡಾಕ್ಯುಮೆಂಟ್ ನಿಬಂಧನೆಗಳಿಗೆ ಒಳಪಟ್ಟು ಇ-ಟೆಂಡರ್ ಮುಖಾಂತರ ಟೆಂಡರ್ ಆಹ್ವಾನಿಸಲಾಗಿದೆ)
ಕರ್ನಾಟಕ ಸಾರ್ವಜನಿಕ ಸಂಗ್ರಹಣೆಗಳಲ್ಲಿ ಪಾರದರ್ಶಕತೆ ಅಧಿನಿಯಮ 1999-2000 ರ ಪ್ರಕಾರ ಅರ್ಹ 2000 ರ ನಿಯಮದಂತೆ 15ನೇ ಹಣಕಾಸು ಆಯೋಗದ ಯೋಜನೆಯ ಮೂಲ ಅನುದಾನ ಕಾಮಗಾರಿಗಳಿಗೆ ಇ-ಪ್ರೊಕ್ಯೂರ್‌ಮೆಂಟ್ ಪೋರ್ಟಲ್‌ನಲ್ಲಿ ಟೆಂಡರ್ ಆಹ್ವಾನಿಸಲಾಗಿದೆ. ಟೆಂಡರ್ ದಸ್ತಾವೇಜುಗಳನ್ನು https://kppp.karnataka.gov.in ನಲ್ಲಿ ವೀಕ್ಷಿಸಬಹುದು. ಟೆಂಡರ್ ಸಲ್ಲಿಸಲು ಕೊನೆಯ ದಿನಾಂಕ 05.02.2026 ರ ಸಂಜೆ 17.30 ಗಂಟೆವರೆಗೆ. ತಾಂತ್ರಿಕ ಲಕೋಟೆ ತೆರೆಯುವ ದಿನಾಂಕ 11.02.2026 ರ ಸಂಜೆ 17.30 ಗಂಟೆವರೆಗೆ. ಹೆಚ್ಚಿನ ವಿವರಗಳಿಗೆ www.kolarcity.mrc.gov.in ವೆಬ್‌ಸೈಟ್‌ನಲ್ಲಿ ವೀಕ್ಷಿಸಬಹುದು.
ಸಹಿ/- ಅಧ್ಯಕ್ಷರು ನಗರಸಭೆ, ಕೋಲಾರ	ಸಹಿ/- ಪೌರಾಯುಕ್ತರು ನಗರಸಭೆ, ಕೋಲಾರ
ವಾ/ಇಕ/ಸಂ.ಮ/ಜಿ.ನಿ.ವಿ/ಜಾ/ಜಾ/ಲ/470/ಕೋ/ಪ್ರೊ/2025-26
ಕರ್ನಾಟಕ ಸರ್ಕಾರ
ಕಾರ್ಯಪಾಲಕ ಅಭಿಯಂತರರ ಕಾರ್ಯಾಲಯ,
ಪಂಚಾಯತ್ ರಾಜ್ ಇಂಜಿನಿಯರಿಂಗ್ ವಿಭಾಗ, ಬೀದರ.
ಕಾ: ಕಾಅ/ಪಂರಾಇ/ಇಂಜಿ/ಬೀದರ-2/2025-26/2146	ದಿನಾಂಕ:29.01.2026
ಅಲ್ಪಾವಧಿ ಟೆಂಡರ್ ಪ್ರಕಟಣೆ, (ಇ-ಪ್ರೊಕ್ಯೂರ್‌ಮೆಂಟ್)
ಬೀದರ ಜಿಲ್ಲೆಯ ಕಾರ್ಯಪಾಲಕ ಅಭಿಯಂತರರು ಪಂಚಾಯತ್ ರಾಜ್ ಇಂಜಿನಿಯರಿಂಗ್ ವಿಭಾಗ, ಬೀದರ ಇವರ ಅಧೀನದಲ್ಲಿ ಬರುವ ಕಾಮಗಾರಿಗಳಿಗೆ (ಒಟ್ಟು ರೂ. 2,52,722.63 (Rupees Two Lakhs Fifty Two Thousand Seven Hundred Twenty Two and paise Sixty Three only) ಮತ್ತು ಗರಿಷ್ಠ 125,45,883.14 ಮೊತ್ತ (Rupees One Crore Twenty Five Lakhs Forty Five Thousand Eight Hundred Eighty Three and paise Fourteen only) ಇ-ಪ್ರೊಕ್ಯೂರ್‌ಮೆಂಟ್ ಮೂಲಕ ಟೆಂಡರ್ ಆಹ್ವಾನಿಸಲಾಗಿದೆ. ವಿವರಗಳಿಗೆ https://kppp.karnataka.gov.in ನೋಡಬಹುದು. (Work Indent No:-20318/Call-2, 20738/Call-2, 20737/Call-2, 21585/Call-2, 21584/Call-2, 18768/Call-2, 23752, 23753, 23754, 23755, 23756, 23757, 23759, 23761, 21597/Call-2, 21596/Call-2, 21595/Call-2, 21594/Call-2, 21593/Call-2, 21592/Call-2, 21591/Call-2, 21590/Call-2, 21589/Call-2, 21101/Call-2, 21105/Call-2, 21104/Call-2, 15097/Call-2, 15093/Call-2, 15091/Call-2, 20185/Call-2, 13208/Call-2, 23229, 23231, 22226, 23308, 23309, 23559, 23762, 23317, 23310, 23558 & 23760). ಟೆಂಡರ್ ಸಲ್ಲಿಸಲು ಕೊನೆಯ ದಿನಾಂಕ 09.02.2026 ಹಾಗೂ ತಾಂತ್ರಿಕ ಲಕೋಟೆ ತೆರೆಯುವ ದಿನಾಂಕ 13.02.2026.
ಸಹಿ/- ಕಾರ್ಯಪಾಲಕ ಅಭಿಯಂತರರು, ಪಂ.ರಾ.ಇಂ.ವಿಭಾಗ, ಬೀದರ.
ವಾ.ಸಾ.ಸಂ/ಇ/ಬೀದರ/317/ಕೆ.ಎಸ್.ಎಂ.ಸಿ.ಎ/2025-26
United Foodbrands
United Foodbrands Limited
(Formerly known as Barbeque-Nation Hospitality Limited)
CIN: L55101KA2006PLC073031
Registered Office: "Saket Callipolis", Unit No. 601 & 602, 6th Floor, Doddakannalli Village, Varthur Hobli, Sarjapur Road, Bengaluru-560035 | Tel. No.: +9180 69134900;
E-mail: compliance@barbequenation.com | Website: www.barbequenation.com
Advertisement regarding approval of Un-Audited Standalone and Consolidated Financial Results of the Company for the quarter and nine months ended December 31, 2025
(Pursuant to Regulation 33 read with Regulation 47(1) of the SEBI (Listing Obligations and Disclosure Requirements) Regulations, 2015)
The Board of Directors of the Company, at their meeting held on January 30, 2026, have, inter-alia, considered and approved the Un-Audited Standalone and Consolidated Financial Results for the quarter and nine months ended December 31, 2025 ("Financial Results").
The full Financial Results, along with Limited Review Report, are available on the Company's website at https://www.barbequenation.com/sites/default/files/2026-01/Financial%20Results-Q3FY26.pdf?_gl=1*1u0gdq*_ga*MTY3NTUwODQ2Ny4xNzY0NzY5OTAy and can be accessed by scanning the QR provided below. The Financial Results are also available on the websites of the Stock Exchanges, i.e., BSE Limited and National Stock Exchange of India Limited at www.bseindia.com and www.nseindia.com, respectively.
For United Foodbrands Limited
(Formerly known as Barbeque-Nation Hospitality Limited)
Rahul Agrawal
Chief Executive Officer & Whole time Director
DIN: 07194134
Place: Bengaluru
Date: January 30, 2026
Scan this QR Code for full Financial Results
